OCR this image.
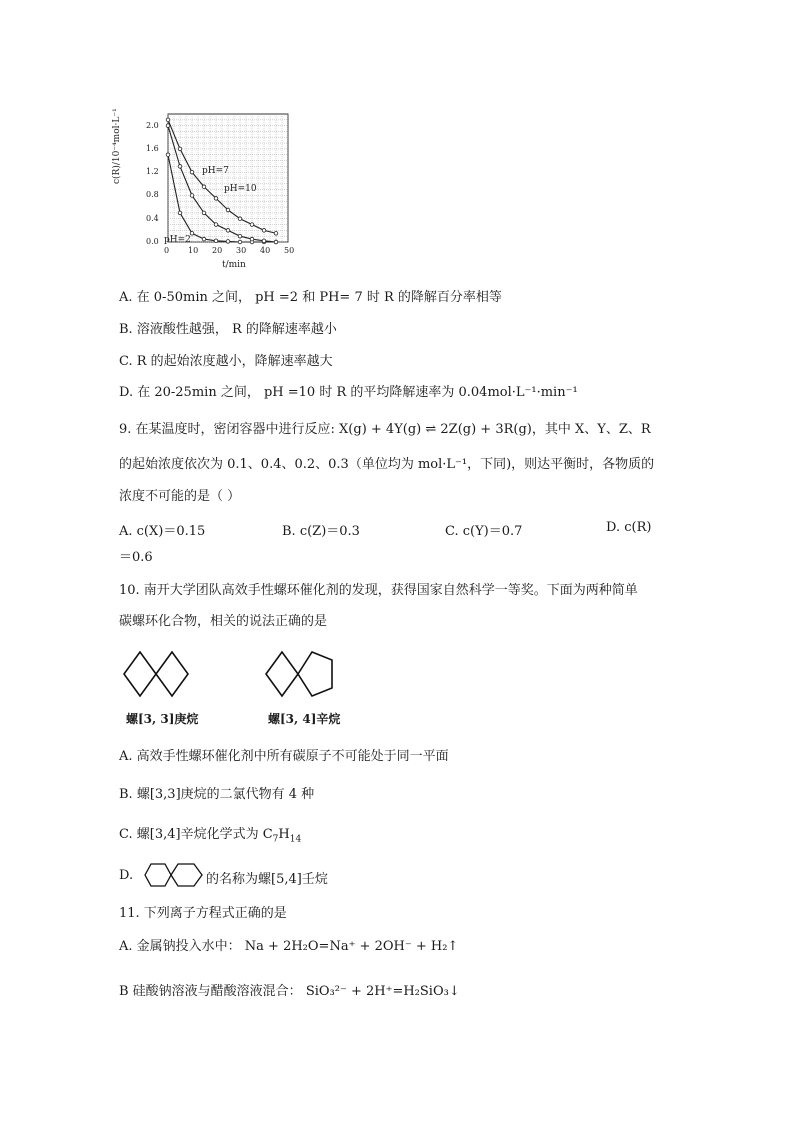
c(R)/10⁻⁴mol·L⁻¹
t/min
pH=2
pH=7
pH=10
0 10 20 30 40 50
0.0
0.4
0.8
1.2
1.6
2.0
A. 在 0-50min 之间， pH =2 和 PH= 7 时 R 的降解百分率相等
B. 溶液酸性越强， R 的降解速率越小
C. R 的起始浓度越小，降解速率越大
D. 在 20-25min 之间， pH =10 时 R 的平均降解速率为 0.04mol·L⁻¹·min⁻¹
9. 在某温度时，密闭容器中进行反应: X(g) + 4Y(g) ⇌ 2Z(g) + 3R(g)，其中 X、Y、Z、R
的起始浓度依次为 0.1、0.4、0.2、0.3（单位均为 mol·L⁻¹，下同)，则达平衡时，各物质的
浓度不可能的是（ ）
A. c(X)＝0.15	B. c(Z)＝0.3	C. c(Y)＝0.7	D. c(R)
＝0.6
10. 南开大学团队高效手性螺环催化剂的发现，获得国家自然科学一等奖。下面为两种简单
碳螺环化合物，相关的说法正确的是
螺[3, 3]庚烷	螺[3, 4]辛烷
A. 高效手性螺环催化剂中所有碳原子不可能处于同一平面
B. 螺[3,3]庚烷的二氯代物有 4 种
C. 螺[3,4]辛烷化学式为 $C_7H_{14}$
D.	的名称为螺[5,4]壬烷
11. 下列离子方程式正确的是
A. 金属钠投入水中： Na + 2H₂O=Na⁺ + 2OH⁻ + H₂↑
B 硅酸钠溶液与醋酸溶液混合： SiO₃²⁻ + 2H⁺=H₂SiO₃↓
